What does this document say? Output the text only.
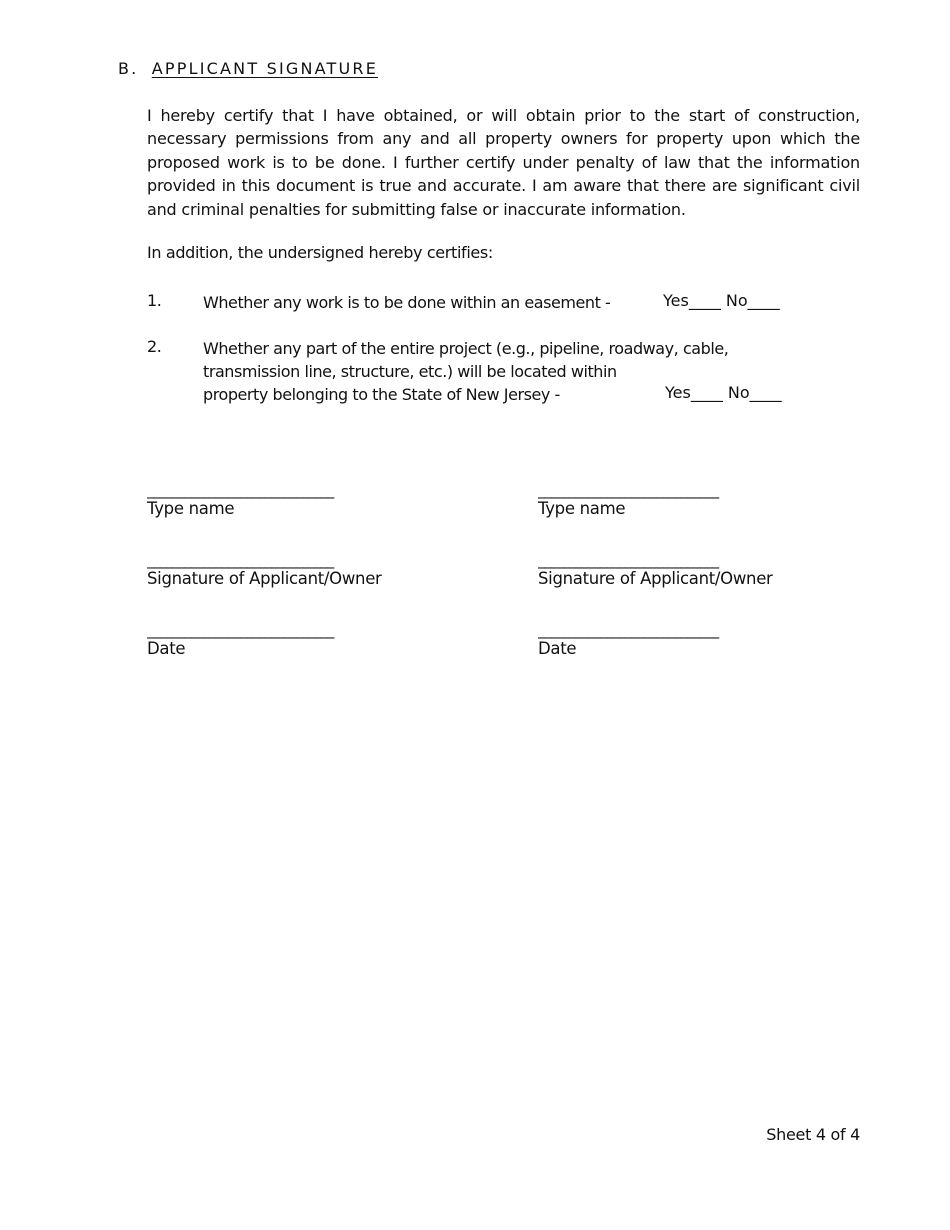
B. APPLICANT SIGNATURE

I hereby certify that I have obtained, or will obtain prior to the start of construction, necessary permissions from any and all property owners for property upon which the proposed work is to be done. I further certify under penalty of law that the information provided in this document is true and accurate. I am aware that there are significant civil and criminal penalties for submitting false or inaccurate information.

In addition, the undersigned hereby certifies:
1.	Whether any work is to be done within an easement -	Yes____ No____
2.	Whether any part of the entire project (e.g., pipeline, roadway, cable,
transmission line, structure, etc.) will be located within
property belonging to the State of New Jersey -	Yes____ No____
______________________________
Type name
______________________________
Signature of Applicant/Owner
______________________________
Date
_____________________________
Type name
_____________________________
Signature of Applicant/Owner
_____________________________
Date
Sheet 4 of 4
